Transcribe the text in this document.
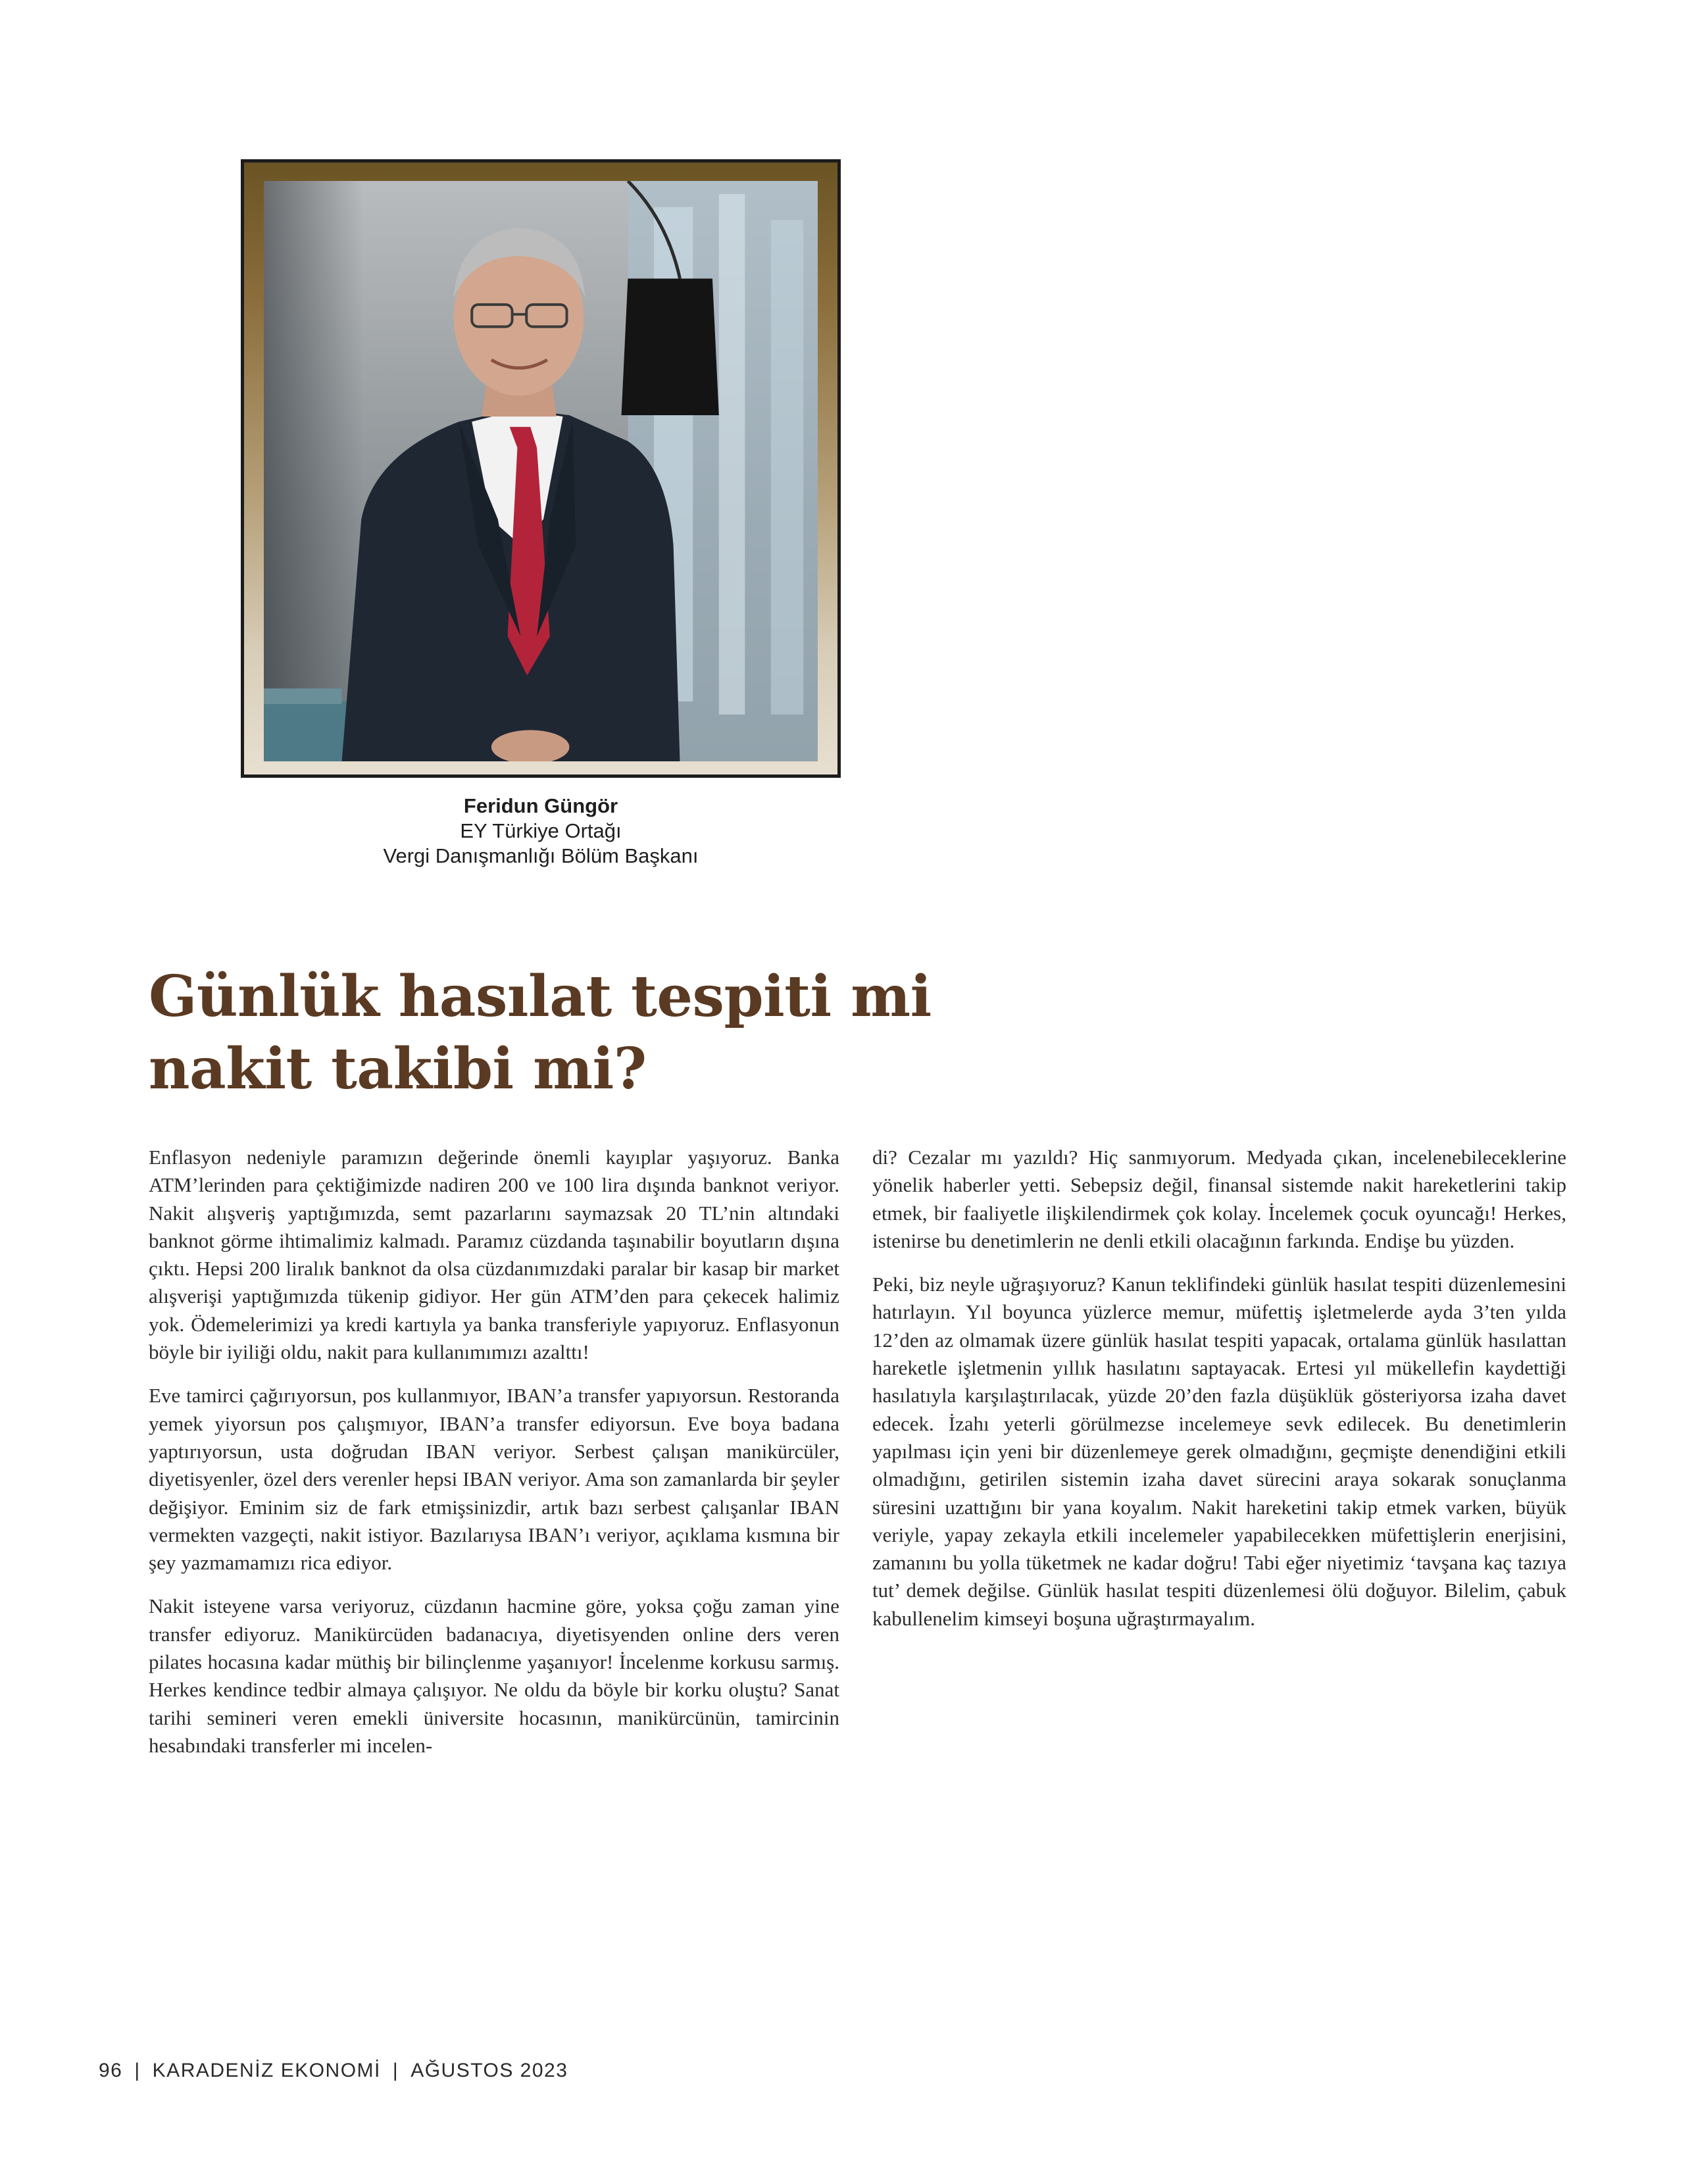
Feridun Güngör
EY Türkiye Ortağı
Vergi Danışmanlığı Bölüm Başkanı
Günlük hasılat tespiti mi
nakit takibi mi?

Enflasyon nedeniyle paramızın değerinde önemli kayıplar yaşıyoruz. Banka ATM’lerinden para çektiğimizde nadiren 200 ve 100 lira dışında banknot veriyor. Nakit alışveriş yaptığımızda, semt pazarlarını saymazsak 20 TL’nin altındaki banknot görme ihtimalimiz kalmadı. Paramız cüzdanda taşınabilir boyutların dışına çıktı. Hepsi 200 liralık banknot da olsa cüzdanımızdaki paralar bir kasap bir market alışverişi yaptığımızda tükenip gidiyor. Her gün ATM’den para çekecek halimiz yok. Ödemelerimizi ya kredi kartıyla ya banka transferiyle yapıyoruz. Enflasyonun böyle bir iyiliği oldu, nakit para kullanımımızı azalttı!

Eve tamirci çağırıyorsun, pos kullanmıyor, IBAN’a transfer yapıyorsun. Restoranda yemek yiyorsun pos çalışmıyor, IBAN’a transfer ediyorsun. Eve boya badana yaptırıyorsun, usta doğrudan IBAN veriyor. Serbest çalışan manikürcüler, diyetisyenler, özel ders verenler hepsi IBAN veriyor. Ama son zamanlarda bir şeyler değişiyor. Eminim siz de fark etmişsinizdir, artık bazı serbest çalışanlar IBAN vermekten vazgeçti, nakit istiyor. Bazılarıysa IBAN’ı veriyor, açıklama kısmına bir şey yazmamamızı rica ediyor.

Nakit isteyene varsa veriyoruz, cüzdanın hacmine göre, yoksa çoğu zaman yine transfer ediyoruz. Manikürcüden badanacıya, diyetisyenden online ders veren pilates hocasına kadar müthiş bir bilinçlenme yaşanıyor! İncelenme korkusu sarmış. Herkes kendince tedbir almaya çalışıyor. Ne oldu da böyle bir korku oluştu? Sanat tarihi semineri veren emekli üniversite hocasının, manikürcünün, tamircinin hesabındaki transferler mi incelen-

di? Cezalar mı yazıldı? Hiç sanmıyorum. Medyada çıkan, incelenebileceklerine yönelik haberler yetti. Sebepsiz değil, finansal sistemde nakit hareketlerini takip etmek, bir faaliyetle ilişkilendirmek çok kolay. İncelemek çocuk oyuncağı! Herkes, istenirse bu denetimlerin ne denli etkili olacağının farkında. Endişe bu yüzden.

Peki, biz neyle uğraşıyoruz? Kanun teklifindeki günlük hasılat tespiti düzenlemesini hatırlayın. Yıl boyunca yüzlerce memur, müfettiş işletmelerde ayda 3’ten yılda 12’den az olmamak üzere günlük hasılat tespiti yapacak, ortalama günlük hasılattan hareketle işletmenin yıllık hasılatını saptayacak. Ertesi yıl mükellefin kaydettiği hasılatıyla karşılaştırılacak, yüzde 20’den fazla düşüklük gösteriyorsa izaha davet edecek. İzahı yeterli görülmezse incelemeye sevk edilecek. Bu denetimlerin yapılması için yeni bir düzenlemeye gerek olmadığını, geçmişte denendiğini etkili olmadığını, getirilen sistemin izaha davet sürecini araya sokarak sonuçlanma süresini uzattığını bir yana koyalım. Nakit hareketini takip etmek varken, büyük veriyle, yapay zekayla etkili incelemeler yapabilecekken müfettişlerin enerjisini, zamanını bu yolla tüketmek ne kadar doğru! Tabi eğer niyetimiz ‘tavşana kaç tazıya tut’ demek değilse. Günlük hasılat tespiti düzenlemesi ölü doğuyor. Bilelim, çabuk kabullenelim kimseyi boşuna uğraştırmayalım.

96 | KARADENİZ EKONOMİ | AĞUSTOS 2023
